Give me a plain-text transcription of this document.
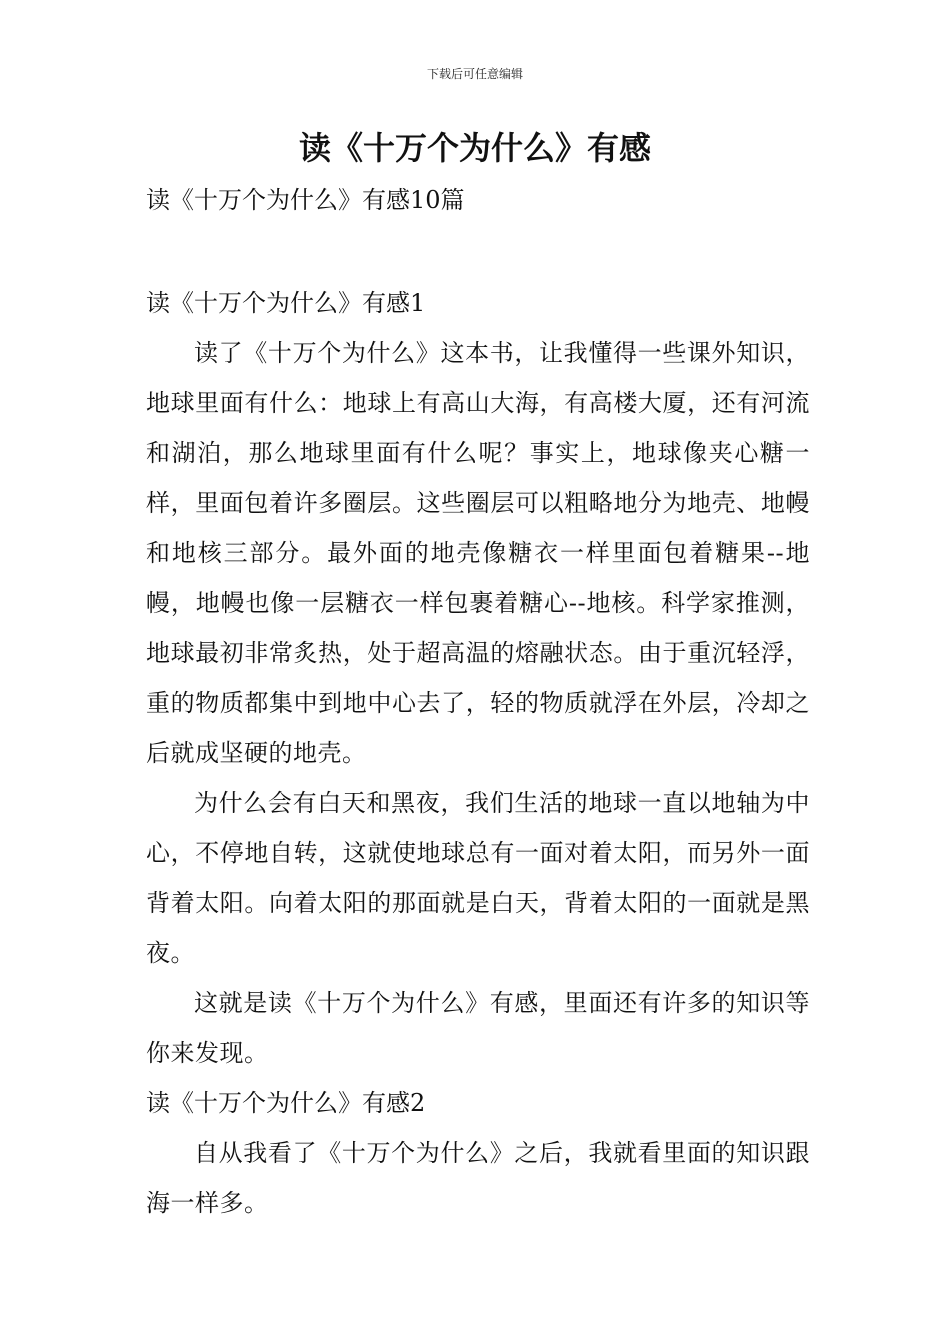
下载后可任意编辑
读《十万个为什么》有感

读《十万个为什么》有感10篇

读《十万个为什么》有感1

读了《十万个为什么》这本书，让我懂得一些课外知识，地球里面有什么：地球上有高山大海，有高楼大厦，还有河流和湖泊，那么地球里面有什么呢？事实上，地球像夹心糖一样，里面包着许多圈层。这些圈层可以粗略地分为地壳、地幔和地核三部分。最外面的地壳像糖衣一样里面包着糖果--地幔，地幔也像一层糖衣一样包裹着糖心--地核。科学家推测，地球最初非常炙热，处于超高温的熔融状态。由于重沉轻浮，重的物质都集中到地中心去了，轻的物质就浮在外层，冷却之后就成坚硬的地壳。

为什么会有白天和黑夜，我们生活的地球一直以地轴为中心，不停地自转，这就使地球总有一面对着太阳，而另外一面背着太阳。向着太阳的那面就是白天，背着太阳的一面就是黑夜。

这就是读《十万个为什么》有感，里面还有许多的知识等你来发现。

读《十万个为什么》有感2

自从我看了《十万个为什么》之后，我就看里面的知识跟海一样多。
